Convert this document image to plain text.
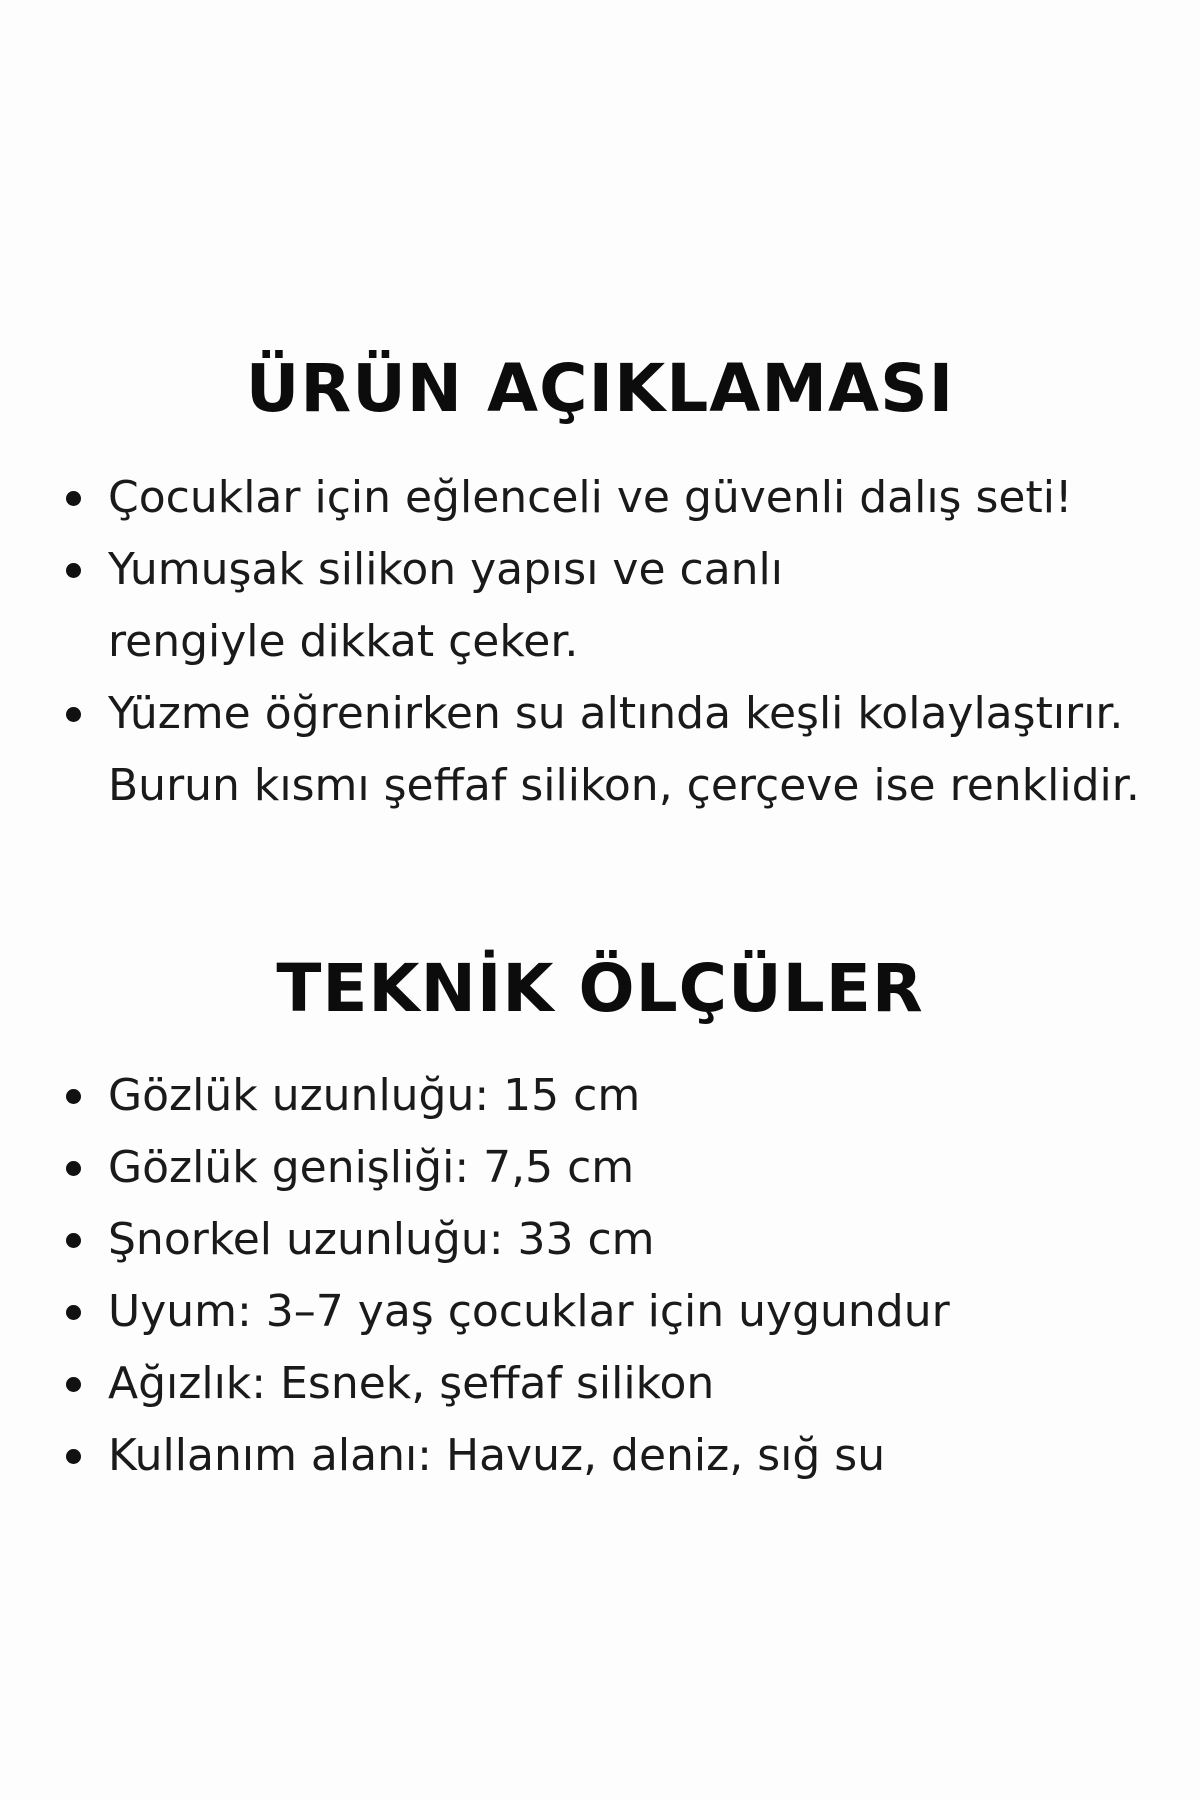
ÜRÜN AÇIKLAMASI
Çocuklar için eğlenceli ve güvenli dalış seti!
Yumuşak silikon yapısı ve canlı rengiyle dikkat çeker.
Yüzme öğrenirken su altında keşli kolaylaştırır. Burun kısmı şeffaf silikon, çerçeve ise renklidir.
TEKNİK ÖLÇÜLER
Gözlük uzunluğu: 15 cm
Gözlük genişliği: 7,5 cm
Şnorkel uzunluğu: 33 cm
Uyum: 3–7 yaş çocuklar için uygundur
Ağızlık: Esnek, şeffaf silikon
Kullanım alanı: Havuz, deniz, sığ su
